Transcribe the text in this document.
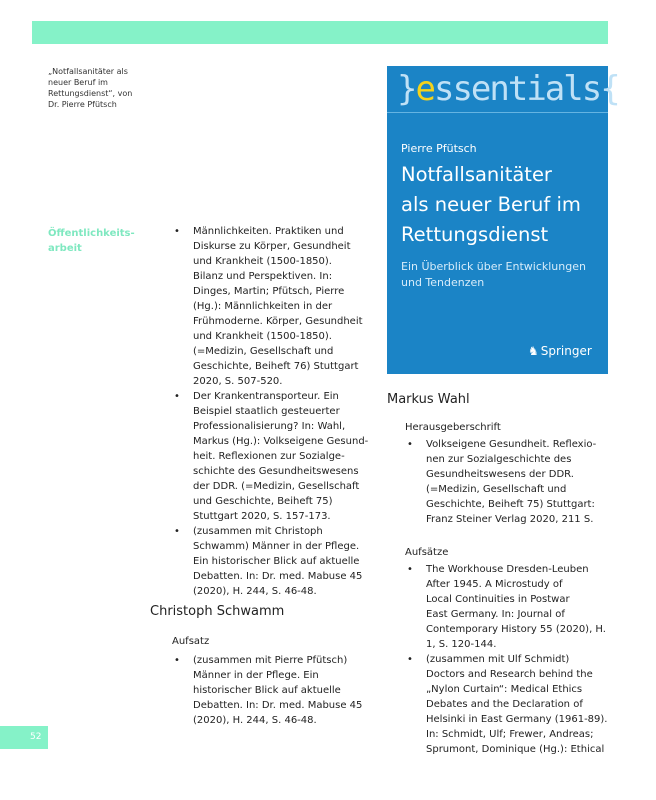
„Notfallsanitäter als
neuer Beruf im
Rettungsdienst“, von
Dr. Pierre Pfütsch
Öffentlichkeits-
arbeit
}essentials{
Pierre Pfütsch
Notfallsanitäter
als neuer Beruf im
Rettungsdienst
Ein Überblick über Entwicklungen
und Tendenzen
♞ Springer
• Männlichkeiten. Praktiken und
Diskurse zu Körper, Gesundheit
und Krankheit (1500-1850).
Bilanz und Perspektiven. In:
Dinges, Martin; Pfütsch, Pierre
(Hg.): Männlichkeiten in der
Frühmoderne. Körper, Gesundheit
und Krankheit (1500-1850).
(=Medizin, Gesellschaft und
Geschichte, Beiheft 76) Stuttgart
2020, S. 507-520.
• Der Krankentransporteur. Ein
Beispiel staatlich gesteuerter
Professionalisierung? In: Wahl,
Markus (Hg.): Volkseigene Gesund-
heit. Reflexionen zur Sozialge-
schichte des Gesundheitswesens
der DDR. (=Medizin, Gesellschaft
und Geschichte, Beiheft 75)
Stuttgart 2020, S. 157-173.
• (zusammen mit Christoph
Schwamm) Männer in der Pflege.
Ein historischer Blick auf aktuelle
Debatten. In: Dr. med. Mabuse 45
(2020), H. 244, S. 46-48.
Christoph Schwamm
Aufsatz
• (zusammen mit Pierre Pfütsch)
Männer in der Pflege. Ein
historischer Blick auf aktuelle
Debatten. In: Dr. med. Mabuse 45
(2020), H. 244, S. 46-48.
Markus Wahl
Herausgeberschrift
• Volkseigene Gesundheit. Reflexio-
nen zur Sozialgeschichte des
Gesundheitswesens der DDR.
(=Medizin, Gesellschaft und
Geschichte, Beiheft 75) Stuttgart:
Franz Steiner Verlag 2020, 211 S.
Aufsätze
• The Workhouse Dresden-Leuben
After 1945. A Microstudy of
Local Continuities in Postwar
East Germany. In: Journal of
Contemporary History 55 (2020), H.
1, S. 120-144.
• (zusammen mit Ulf Schmidt)
Doctors and Research behind the
„Nylon Curtain“: Medical Ethics
Debates and the Declaration of
Helsinki in East Germany (1961-89).
In: Schmidt, Ulf; Frewer, Andreas;
Sprumont, Dominique (Hg.): Ethical
52
